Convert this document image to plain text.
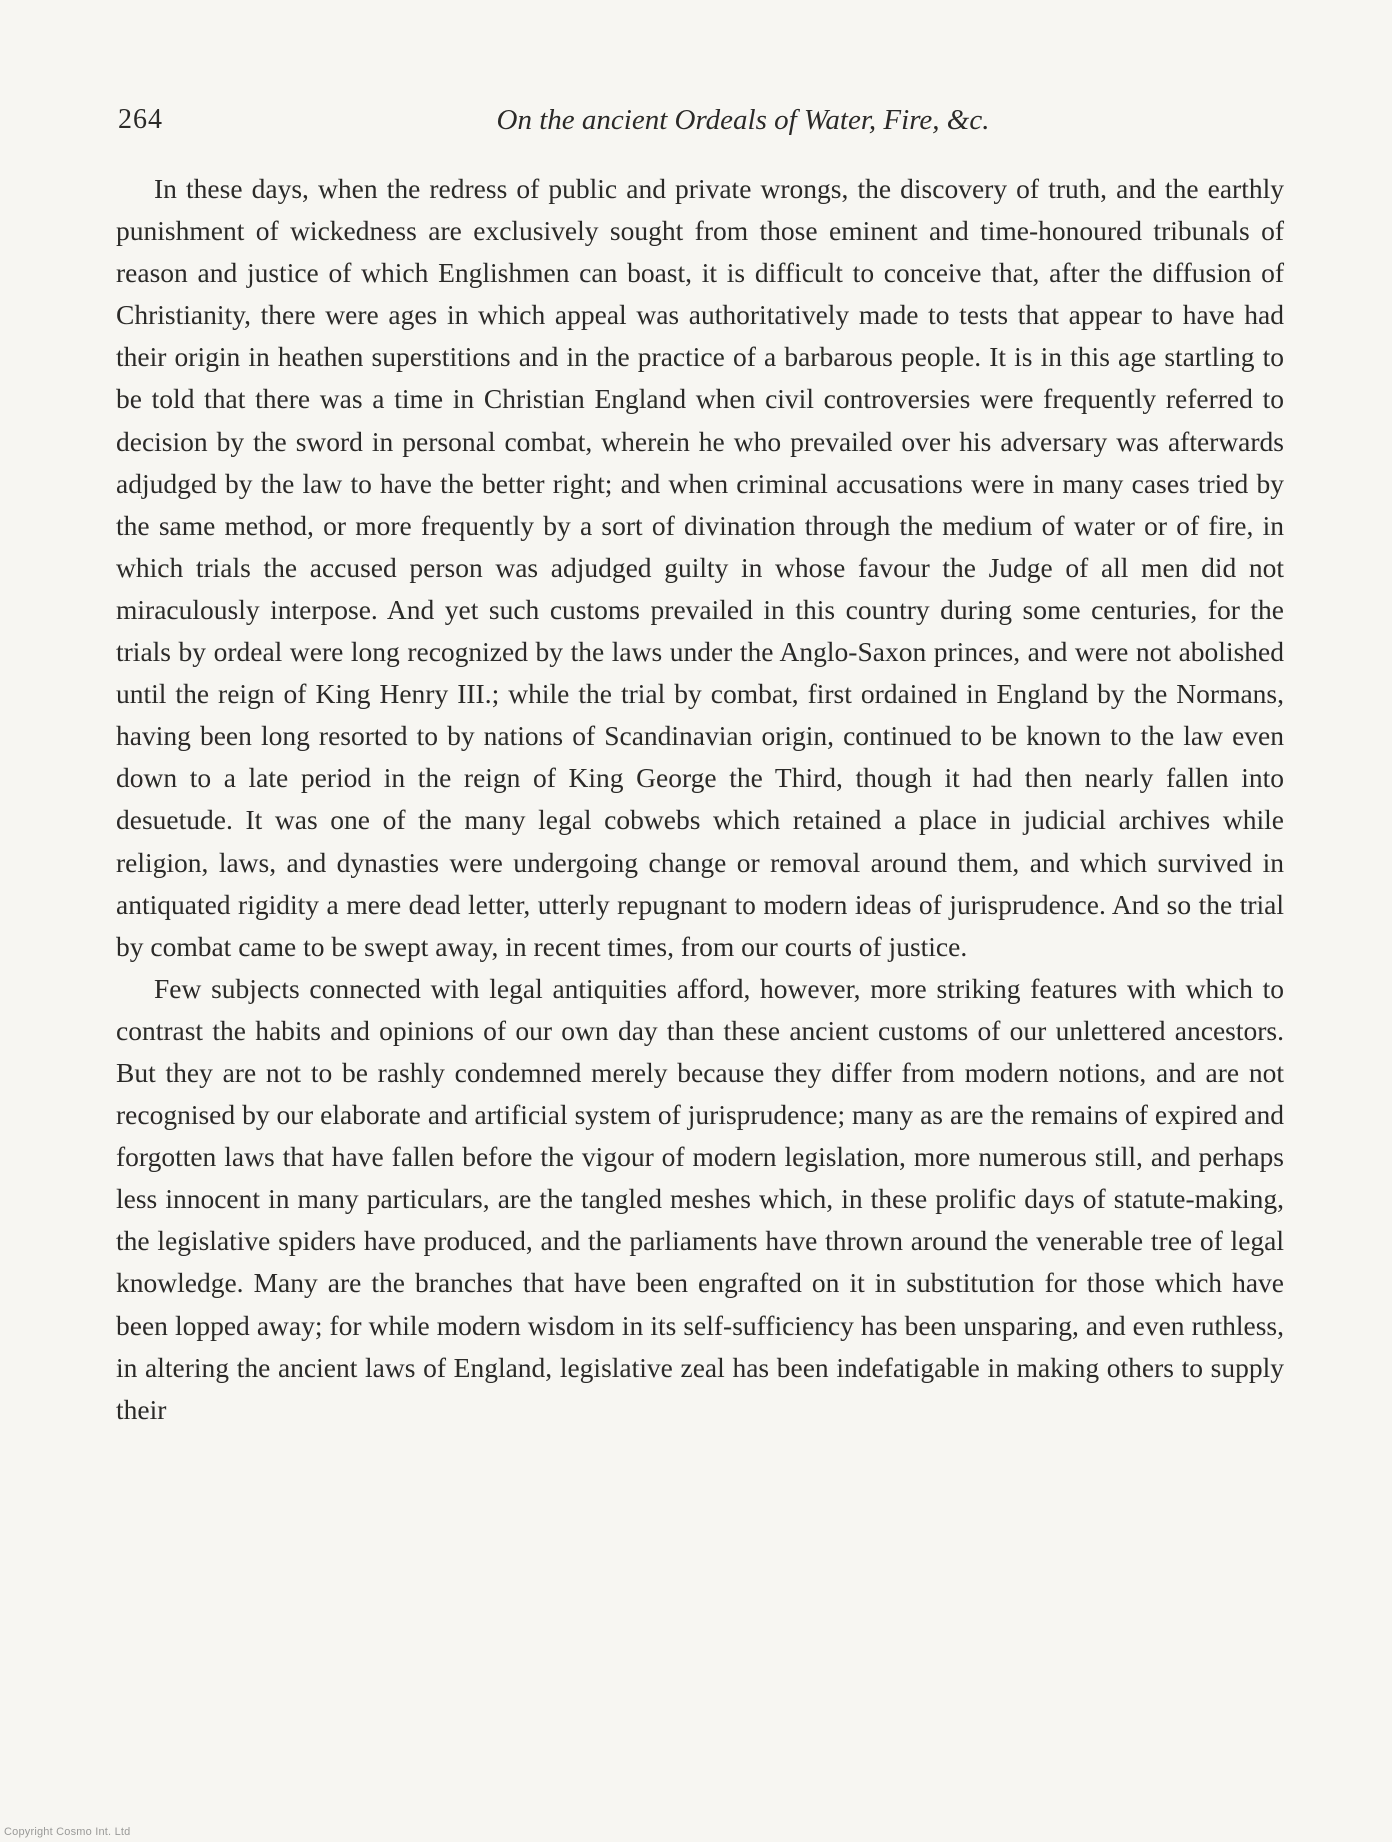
264	On the ancient Ordeals of Water, Fire, &c.

In these days, when the redress of public and private wrongs, the discovery of truth, and the earthly punishment of wickedness are exclusively sought from those eminent and time-honoured tribunals of reason and justice of which Englishmen can boast, it is difficult to conceive that, after the diffusion of Christianity, there were ages in which appeal was authoritatively made to tests that appear to have had their origin in heathen superstitions and in the practice of a barbarous people. It is in this age startling to be told that there was a time in Christian England when civil controversies were frequently referred to decision by the sword in personal combat, wherein he who prevailed over his adversary was afterwards adjudged by the law to have the better right; and when criminal accusations were in many cases tried by the same method, or more frequently by a sort of divination through the medium of water or of fire, in which trials the accused person was adjudged guilty in whose favour the Judge of all men did not miraculously interpose. And yet such customs prevailed in this country during some centuries, for the trials by ordeal were long recognized by the laws under the Anglo-Saxon princes, and were not abolished until the reign of King Henry III.; while the trial by combat, first ordained in England by the Normans, having been long resorted to by nations of Scandinavian origin, continued to be known to the law even down to a late period in the reign of King George the Third, though it had then nearly fallen into desuetude. It was one of the many legal cobwebs which retained a place in judicial archives while religion, laws, and dynasties were undergoing change or removal around them, and which survived in antiquated rigidity a mere dead letter, utterly repugnant to modern ideas of jurisprudence. And so the trial by combat came to be swept away, in recent times, from our courts of justice.

Few subjects connected with legal antiquities afford, however, more striking features with which to contrast the habits and opinions of our own day than these ancient customs of our unlettered ancestors. But they are not to be rashly condemned merely because they differ from modern notions, and are not recognised by our elaborate and artificial system of jurisprudence; many as are the remains of expired and forgotten laws that have fallen before the vigour of modern legislation, more numerous still, and perhaps less innocent in many particulars, are the tangled meshes which, in these prolific days of statute-making, the legislative spiders have produced, and the parliaments have thrown around the venerable tree of legal knowledge. Many are the branches that have been engrafted on it in substitution for those which have been lopped away; for while modern wisdom in its self-sufficiency has been unsparing, and even ruthless, in altering the ancient laws of England, legislative zeal has been indefatigable in making others to supply their

Copyright Cosmo Int. Ltd
